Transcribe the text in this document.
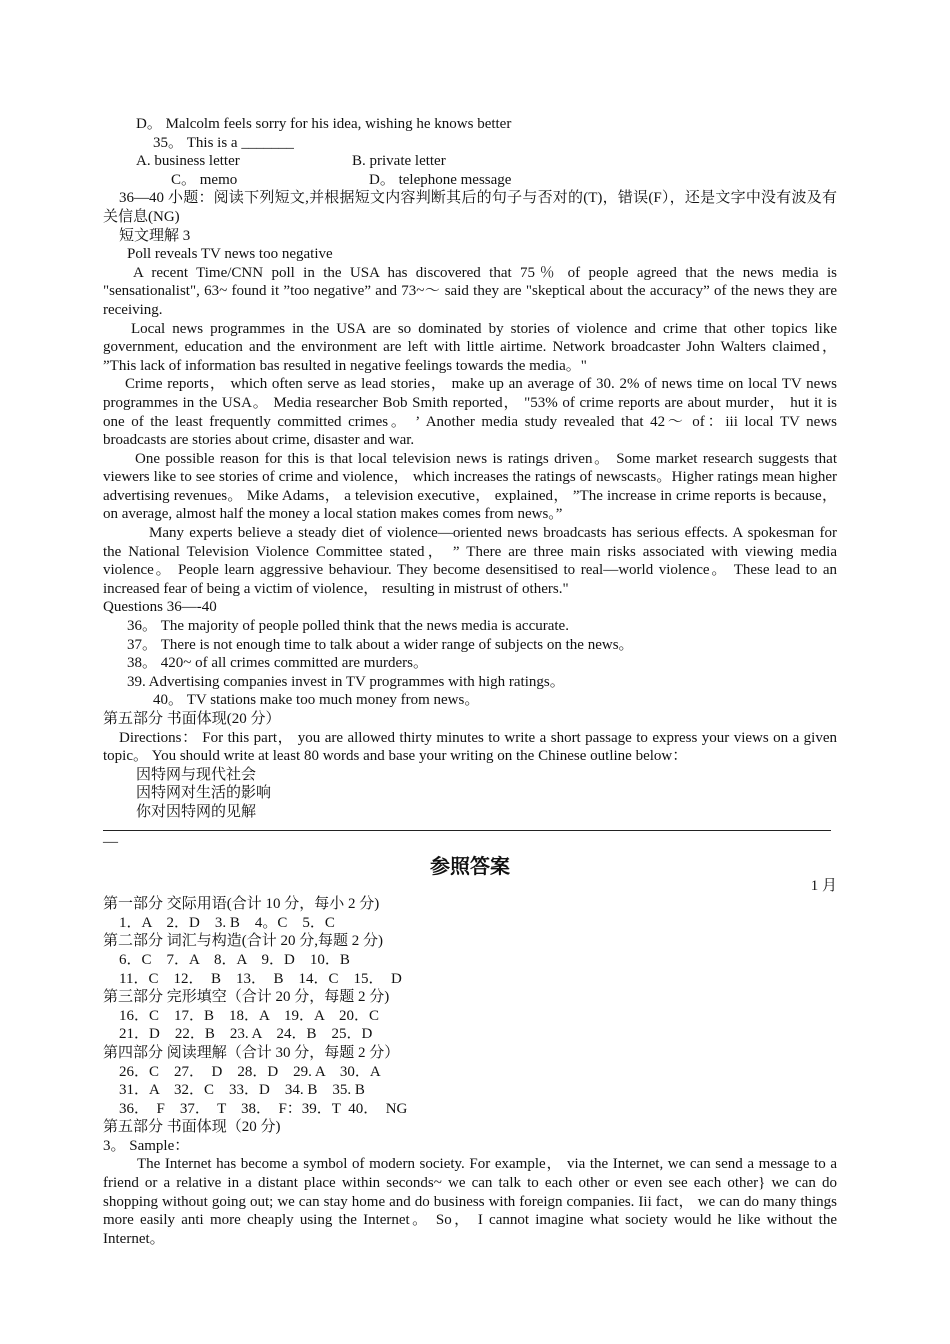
D。 Malcolm feels sorry for his idea, wishing he knows better

35。 This is a _______

A. business letter	B. private letter
C。 memo	D。 telephone message

36—40 小题：阅读下列短文,并根据短文内容判断其后的句子与否对的(T)，错误(F），还是文字中没有波及有关信息(NG)

短文理解 3

Poll reveals TV news too negative

A recent Time/CNN poll in the USA has discovered that 75％ of people agreed that the news media is "sensationalist", 63~ found it ”too negative” and 73~～ said they are "skeptical about the accuracy” of the news they are receiving.

Local news programmes in the USA are so dominated by stories of violence and crime that other topics like government, education and the environment are left with little airtime. Network broadcaster John Walters claimed， ”This lack of information bas resulted in negative feelings towards the media。"

Crime reports， which often serve as lead stories， make up an average of 30. 2% of news time on local TV news programmes in the USA。 Media researcher Bob Smith reported， "53% of crime reports are about murder， hut it is one of the least frequently committed crimes。 ’ Another media study revealed that 42～ of：iii local TV news broadcasts are stories about crime, disaster and war.

One possible reason for this is that local television news is ratings driven。 Some market research suggests that viewers like to see stories of crime and violence， which increases the ratings of newscasts。Higher ratings mean higher advertising revenues。 Mike Adams， a television executive， explained， ”The increase in crime reports is because， on average, almost half the money a local station makes comes from news。”

Many experts believe a steady diet of violence—oriented news broadcasts has serious effects. A spokesman for the National Television Violence Committee stated， ” There are three main risks associated with viewing media violence。 People learn aggressive behaviour. They become desensitised to real—world violence。 These lead to an increased fear of being a victim of violence， resulting in mistrust of others."

Questions 36—-40

36。 The majority of people polled think that the news media is accurate.

37。 There is not enough time to talk about a wider range of subjects on the news。

38。 420~ of all crimes committed are murders。

39. Advertising companies invest in TV programmes with high ratings。

40。 TV stations make too much money from news。

第五部分 书面体现(20 分）

Directions： For this part， you are allowed thirty minutes to write a short passage to express your views on a given topic。 You should write at least 80 words and base your writing on the Chinese outline below：

因特网与现代社会

因特网对生活的影响

你对因特网的见解

—

参照答案

1 月

第一部分 交际用语(合计 10 分，每小 2 分)

1．A    2．D    3. B    4。C    5．C

第二部分 词汇与构造(合计 20 分,每题 2 分)

6．C    7．A    8．A    9．D    10．B

11．C    12．  B    13．  B    14．C    15．  D

第三部分 完形填空（合计 20 分，每题 2 分)

16．C    17．B    18．A    19．A    20．C

21．D    22．B    23. A    24．B    25．D

第四部分 阅读理解（合计 30 分，每题 2 分）

26．C    27．  D    28．D    29. A    30．A

31．A    32．C    33．D    34. B    35. B

36．  F    37．  T    38．  F：39．T  40．  NG

第五部分 书面体现（20 分)

3。 Sample：

The Internet has become a symbol of modern society. For example， via the Internet, we can send a message to a friend or a relative in a distant place within seconds~ we can talk to each other or even see each other} we can do shopping without going out; we can stay home and do business with foreign companies. Iii fact， we can do many things more easily anti more cheaply using the Internet。 So， I cannot imagine what society would he like without the Internet。
